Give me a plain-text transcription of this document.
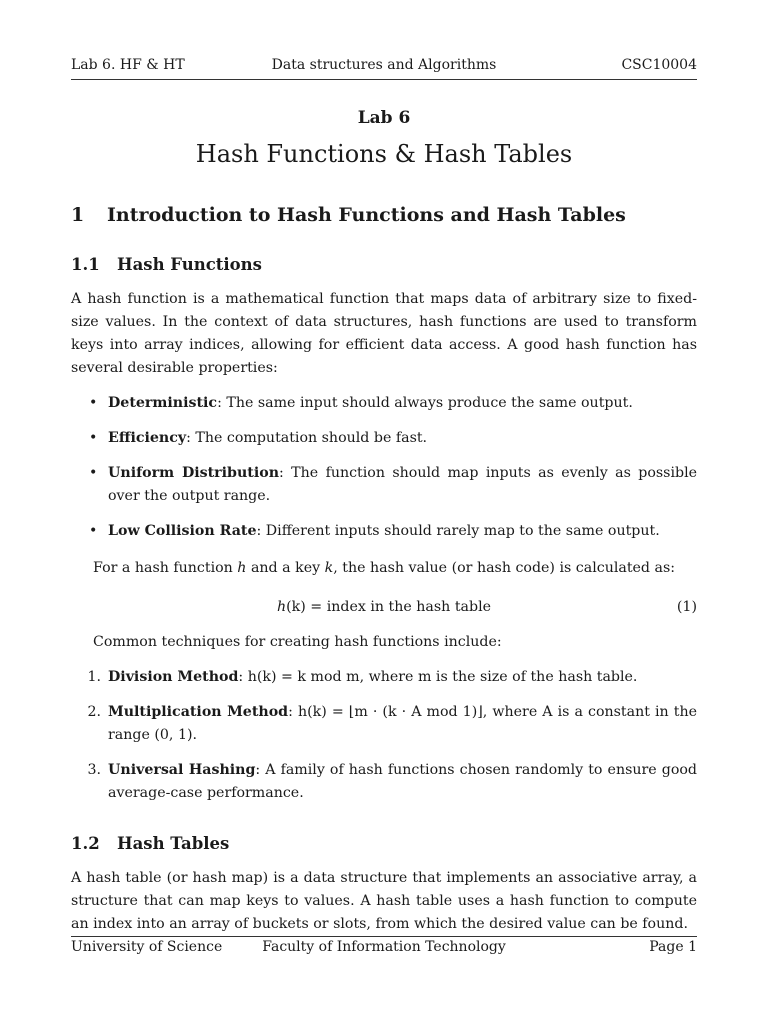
Lab 6. HF & HT	Data structures and Algorithms	CSC10004
Lab 6
Hash Functions & Hash Tables
1 Introduction to Hash Functions and Hash Tables
1.1 Hash Functions

A hash function is a mathematical function that maps data of arbitrary size to fixed-size values. In the context of data structures, hash functions are used to transform keys into array indices, allowing for efficient data access. A good hash function has several desirable properties:

• Deterministic: The same input should always produce the same output.
• Efficiency: The computation should be fast.
• Uniform Distribution: The function should map inputs as evenly as possible over the output range.
• Low Collision Rate: Different inputs should rarely map to the same output.

For a hash function h and a key k, the hash value (or hash code) is calculated as:

h(k) = index in the hash table	(1)

Common techniques for creating hash functions include:

1. Division Method: h(k) = k mod m, where m is the size of the hash table.
2. Multiplication Method: h(k) = ⌊m · (k · A mod 1)⌋, where A is a constant in the range (0, 1).
3. Universal Hashing: A family of hash functions chosen randomly to ensure good average-case performance.
1.2 Hash Tables

A hash table (or hash map) is a data structure that implements an associative array, a structure that can map keys to values. A hash table uses a hash function to compute an index into an array of buckets or slots, from which the desired value can be found.

University of Science	Faculty of Information Technology	Page 1
